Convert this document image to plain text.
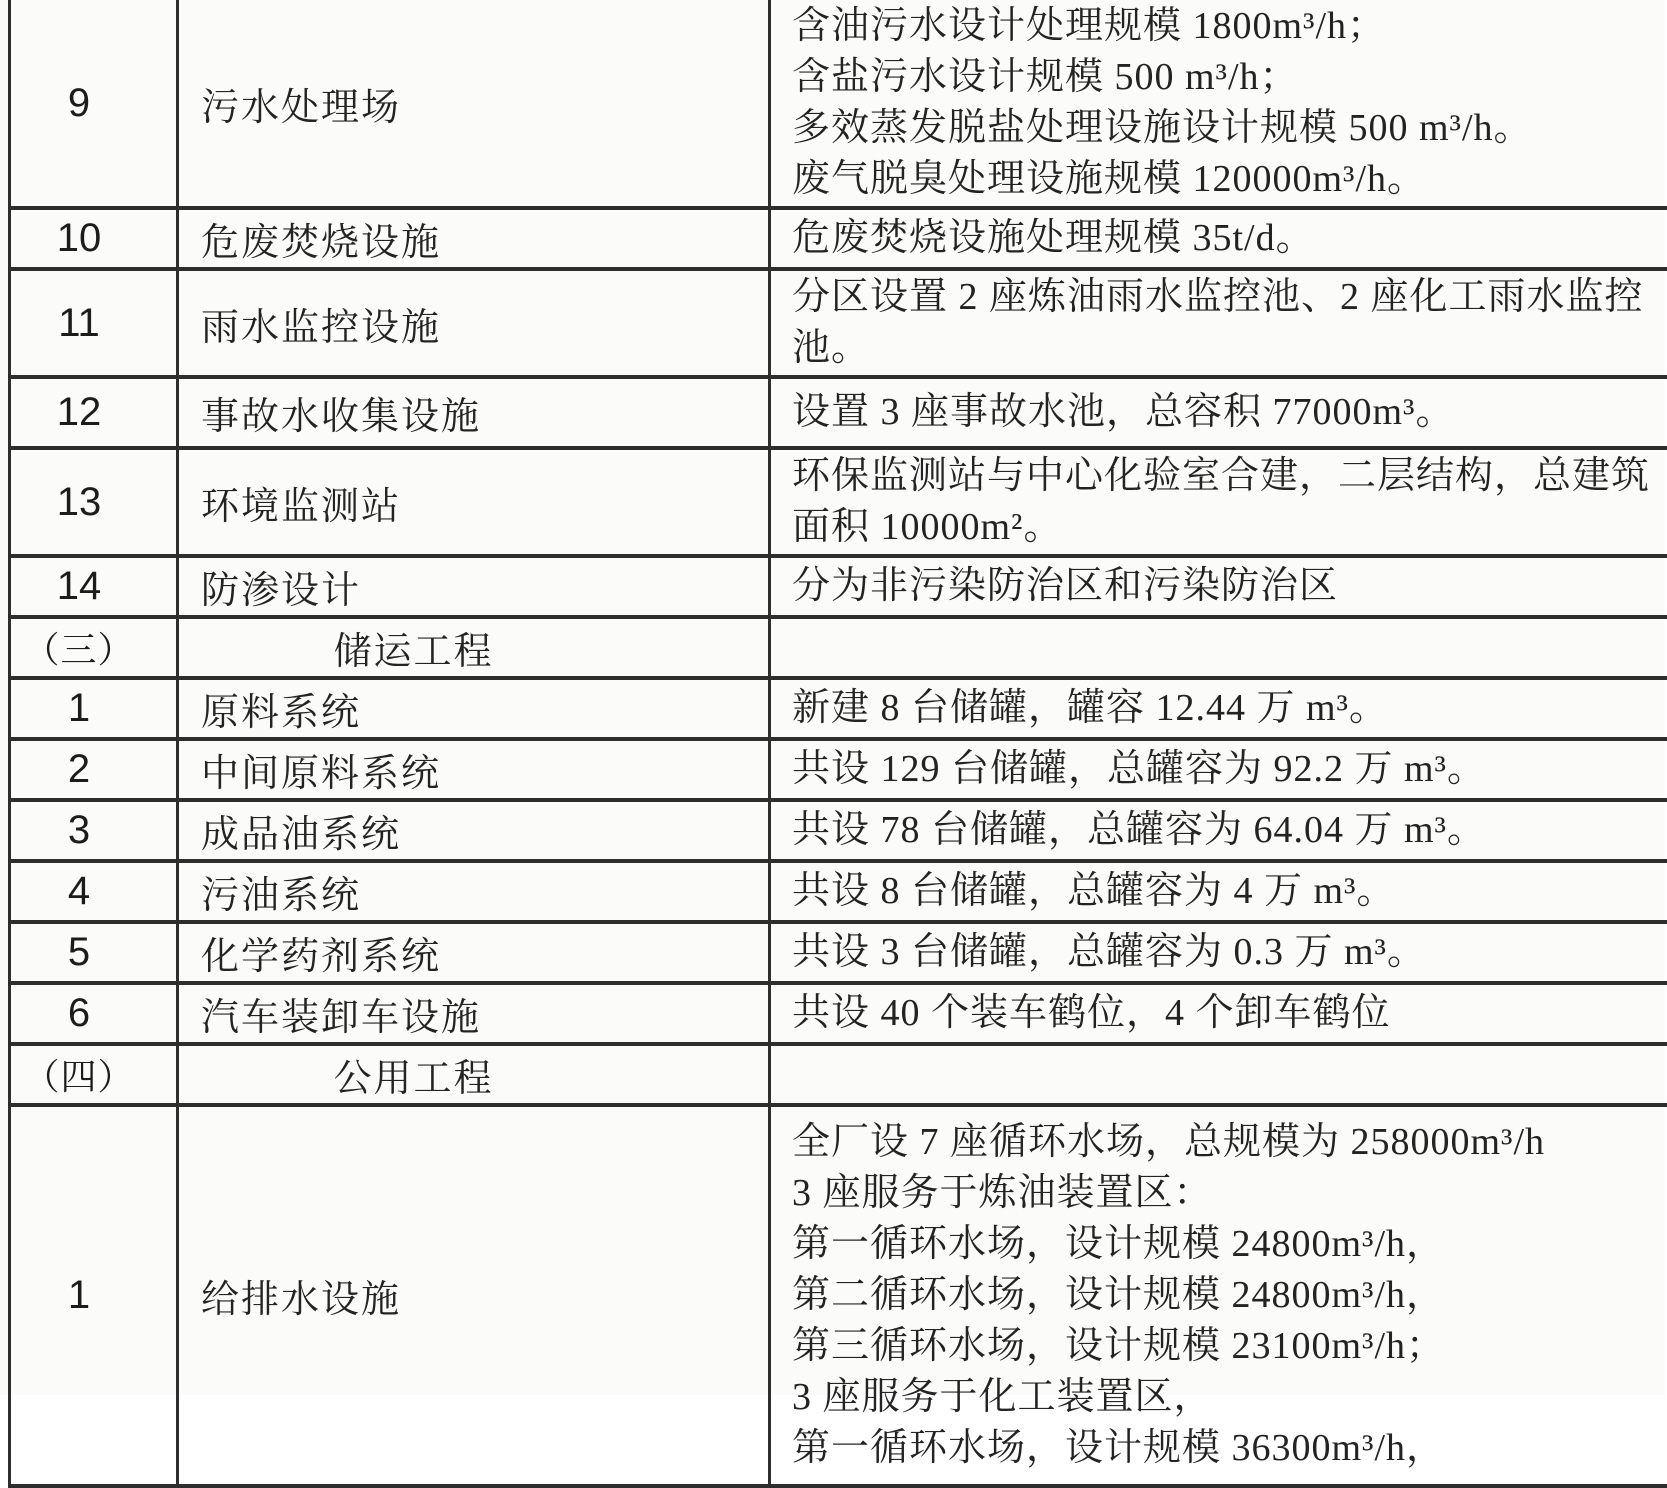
9	污水处理场	含油污水设计处理规模 1800m³/h；
含盐污水设计规模 500 m³/h；
多效蒸发脱盐处理设施设计规模 500 m³/h。
废气脱臭处理设施规模 120000m³/h。

10	危废焚烧设施	危废焚烧设施处理规模 35t/d。
11	雨水监控设施	分区设置 2 座炼油雨水监控池、2 座化工雨水监控池。
12	事故水收集设施	设置 3 座事故水池，总容积 77000m³。
13	环境监测站	环保监测站与中心化验室合建，二层结构，总建筑面积 10000m²。
14	防渗设计	分为非污染防治区和污染防治区
（三）	储运工程	
1	原料系统	新建 8 台储罐，罐容 12.44 万 m³。
2	中间原料系统	共设 129 台储罐，总罐容为 92.2 万 m³。
3	成品油系统	共设 78 台储罐，总罐容为 64.04 万 m³。
4	污油系统	共设 8 台储罐，总罐容为 4 万 m³。
5	化学药剂系统	共设 3 台储罐，总罐容为 0.3 万 m³。
6	汽车装卸车设施	共设 40 个装车鹤位，4 个卸车鹤位
（四）	公用工程	
1	给排水设施	
全厂设 7 座循环水场，总规模为 258000m³/h
3 座服务于炼油装置区：
第一循环水场，设计规模 24800m³/h，
第二循环水场，设计规模 24800m³/h，
第三循环水场，设计规模 23100m³/h；
3 座服务于化工装置区，
第一循环水场，设计规模 36300m³/h，
